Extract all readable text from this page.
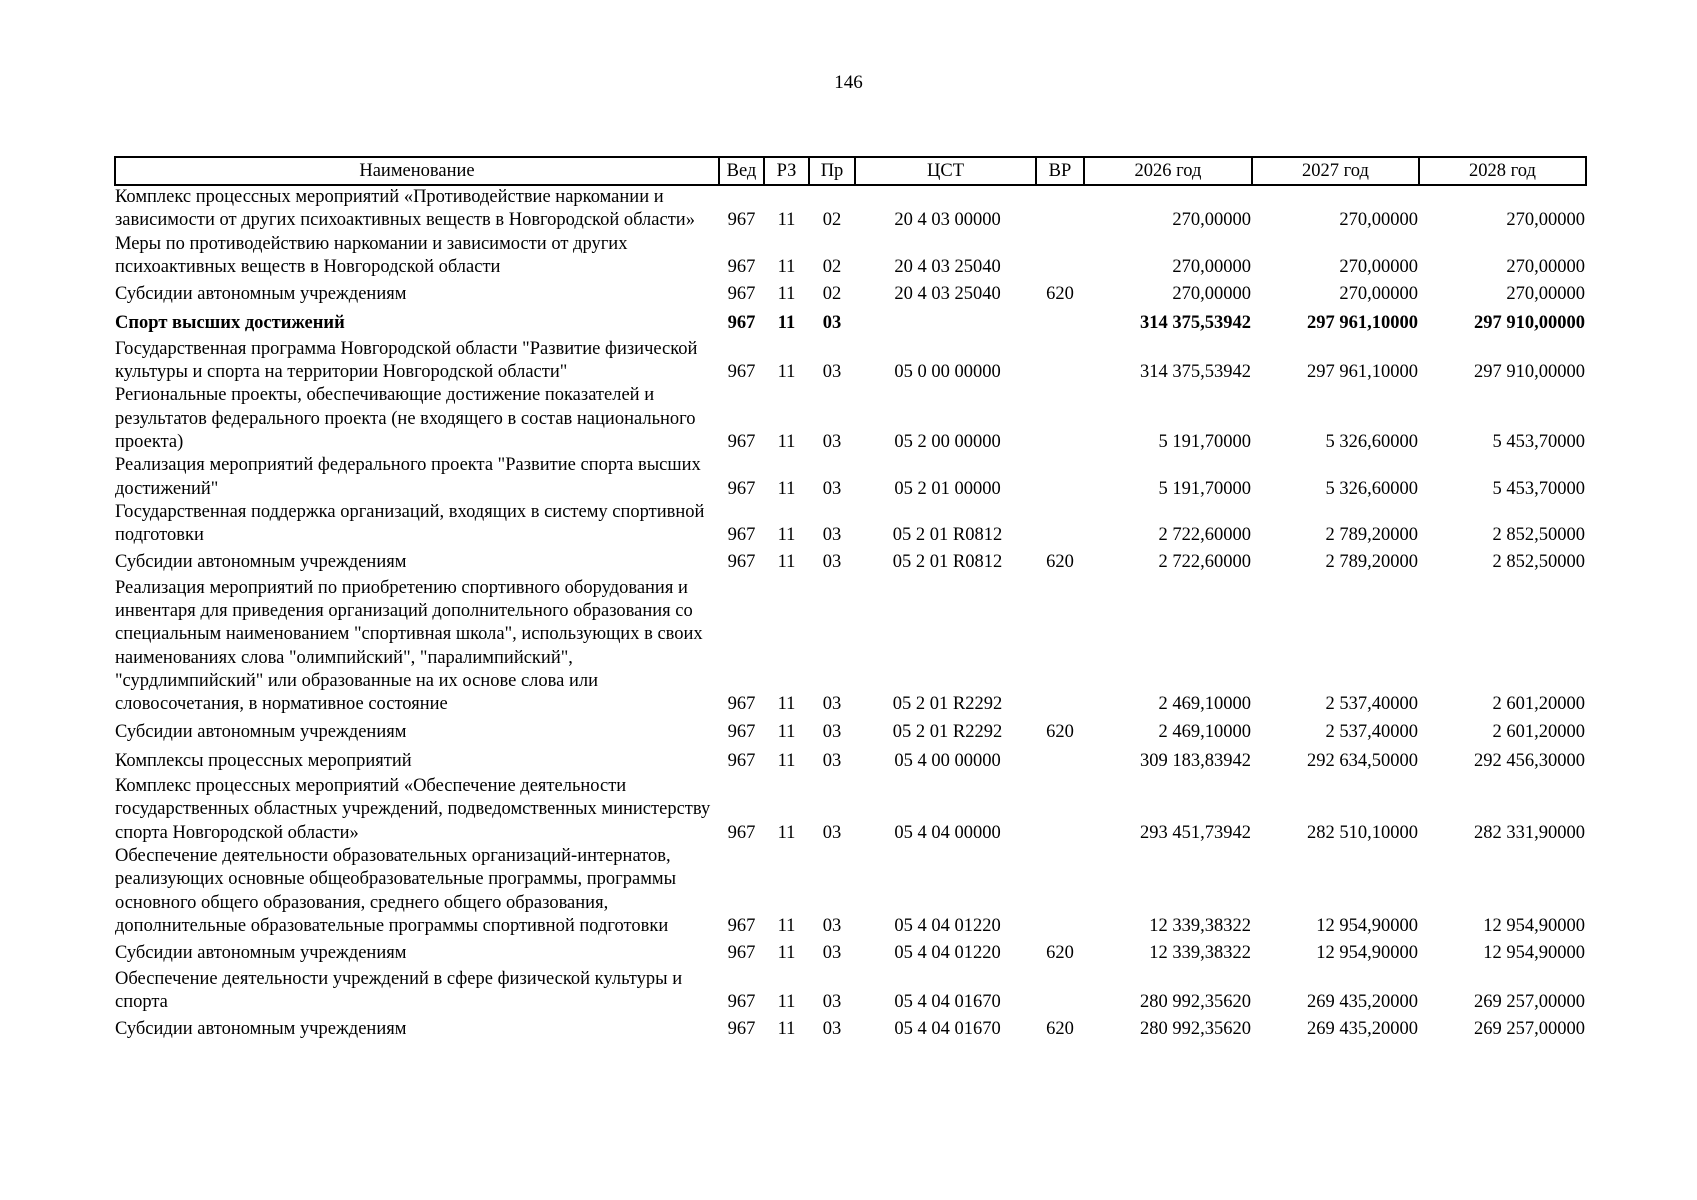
146
Наименование	Вед	РЗ	Пр	ЦСТ	ВР	2026 год	2027 год	2028 год
Комплекс процессных мероприятий «Противодействие наркомании и зависимости от других психоактивных веществ в Новгородской области»	967	11	02	20 4 03 00000		270,00000	270,00000	270,00000
Меры по противодействию наркомании и зависимости от других психоактивных веществ в Новгородской области	967	11	02	20 4 03 25040		270,00000	270,00000	270,00000
Субсидии автономным учреждениям	967	11	02	20 4 03 25040	620	270,00000	270,00000	270,00000
Спорт высших достижений	967	11	03			314 375,53942	297 961,10000	297 910,00000
Государственная программа Новгородской области "Развитие физической культуры и спорта на территории Новгородской области"	967	11	03	05 0 00 00000		314 375,53942	297 961,10000	297 910,00000
Региональные проекты, обеспечивающие достижение показателей и результатов федерального проекта (не входящего в состав национального проекта)	967	11	03	05 2 00 00000		5 191,70000	5 326,60000	5 453,70000
Реализация мероприятий федерального проекта "Развитие спорта высших достижений"	967	11	03	05 2 01 00000		5 191,70000	5 326,60000	5 453,70000
Государственная поддержка организаций, входящих в систему спортивной подготовки	967	11	03	05 2 01 R0812		2 722,60000	2 789,20000	2 852,50000
Субсидии автономным учреждениям	967	11	03	05 2 01 R0812	620	2 722,60000	2 789,20000	2 852,50000
Реализация мероприятий по приобретению спортивного оборудования и инвентаря для приведения организаций дополнительного образования со специальным наименованием "спортивная школа", использующих в своих наименованиях слова "олимпийский", "паралимпийский", "сурдлимпийский" или образованные на их основе слова или словосочетания, в нормативное состояние	967	11	03	05 2 01 R2292		2 469,10000	2 537,40000	2 601,20000
Субсидии автономным учреждениям	967	11	03	05 2 01 R2292	620	2 469,10000	2 537,40000	2 601,20000
Комплексы процессных мероприятий	967	11	03	05 4 00 00000		309 183,83942	292 634,50000	292 456,30000
Комплекс процессных мероприятий «Обеспечение деятельности государственных областных учреждений, подведомственных министерству спорта Новгородской области»	967	11	03	05 4 04 00000		293 451,73942	282 510,10000	282 331,90000
Обеспечение деятельности образовательных организаций-интернатов, реализующих основные общеобразовательные программы, программы основного общего образования, среднего общего образования, дополнительные образовательные программы спортивной подготовки	967	11	03	05 4 04 01220		12 339,38322	12 954,90000	12 954,90000
Субсидии автономным учреждениям	967	11	03	05 4 04 01220	620	12 339,38322	12 954,90000	12 954,90000
Обеспечение деятельности учреждений в сфере физической культуры и спорта	967	11	03	05 4 04 01670		280 992,35620	269 435,20000	269 257,00000
Субсидии автономным учреждениям	967	11	03	05 4 04 01670	620	280 992,35620	269 435,20000	269 257,00000
